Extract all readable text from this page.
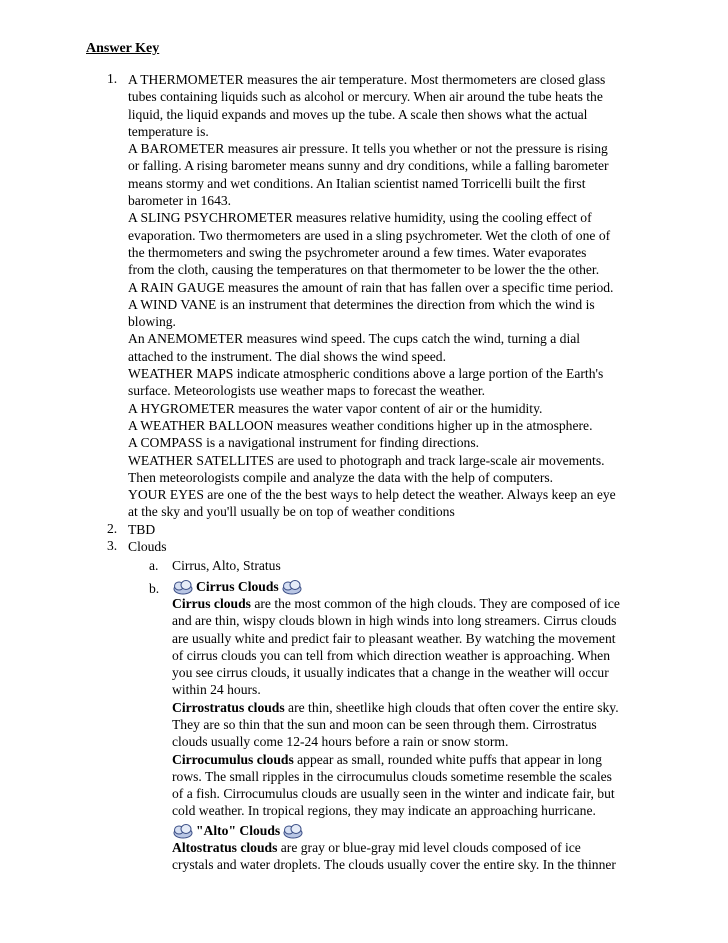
Answer Key
1. A THERMOMETER measures the air temperature. Most thermometers are closed glass

tubes containing liquids such as alcohol or mercury. When air around the tube heats the

liquid, the liquid expands and moves up the tube. A scale then shows what the actual

temperature is.

A BAROMETER measures air pressure. It tells you whether or not the pressure is rising

or falling. A rising barometer means sunny and dry conditions, while a falling barometer

means stormy and wet conditions. An Italian scientist named Torricelli built the first

barometer in 1643.

A SLING PSYCHROMETER measures relative humidity, using the cooling effect of

evaporation. Two thermometers are used in a sling psychrometer. Wet the cloth of one of

the thermometers and swing the psychrometer around a few times. Water evaporates

from the cloth, causing the temperatures on that thermometer to be lower the the other.

A RAIN GAUGE measures the amount of rain that has fallen over a specific time period.

A WIND VANE is an instrument that determines the direction from which the wind is

blowing.

An ANEMOMETER measures wind speed. The cups catch the wind, turning a dial

attached to the instrument. The dial shows the wind speed.

WEATHER MAPS indicate atmospheric conditions above a large portion of the Earth's

surface. Meteorologists use weather maps to forecast the weather.

A HYGROMETER measures the water vapor content of air or the humidity.

A WEATHER BALLOON measures weather conditions higher up in the atmosphere.

A COMPASS is a navigational instrument for finding directions.

WEATHER SATELLITES are used to photograph and track large-scale air movements.

Then meteorologists compile and analyze the data with the help of computers.

YOUR EYES are one of the the best ways to help detect the weather. Always keep an eye

at the sky and you'll usually be on top of weather conditions

2. TBD

3. Clouds

a. Cirrus, Alto, Stratus

b.	Cirrus Clouds

Cirrus clouds are the most common of the high clouds. They are composed of ice

and are thin, wispy clouds blown in high winds into long streamers. Cirrus clouds

are usually white and predict fair to pleasant weather. By watching the movement

of cirrus clouds you can tell from which direction weather is approaching. When

you see cirrus clouds, it usually indicates that a change in the weather will occur

within 24 hours.

Cirrostratus clouds are thin, sheetlike high clouds that often cover the entire sky.

They are so thin that the sun and moon can be seen through them. Cirrostratus

clouds usually come 12-24 hours before a rain or snow storm.

Cirrocumulus clouds appear as small, rounded white puffs that appear in long

rows. The small ripples in the cirrocumulus clouds sometime resemble the scales

of a fish. Cirrocumulus clouds are usually seen in the winter and indicate fair, but

cold weather. In tropical regions, they may indicate an approaching hurricane.

"Alto" Clouds

Altostratus clouds are gray or blue-gray mid level clouds composed of ice

crystals and water droplets. The clouds usually cover the entire sky. In the thinner
